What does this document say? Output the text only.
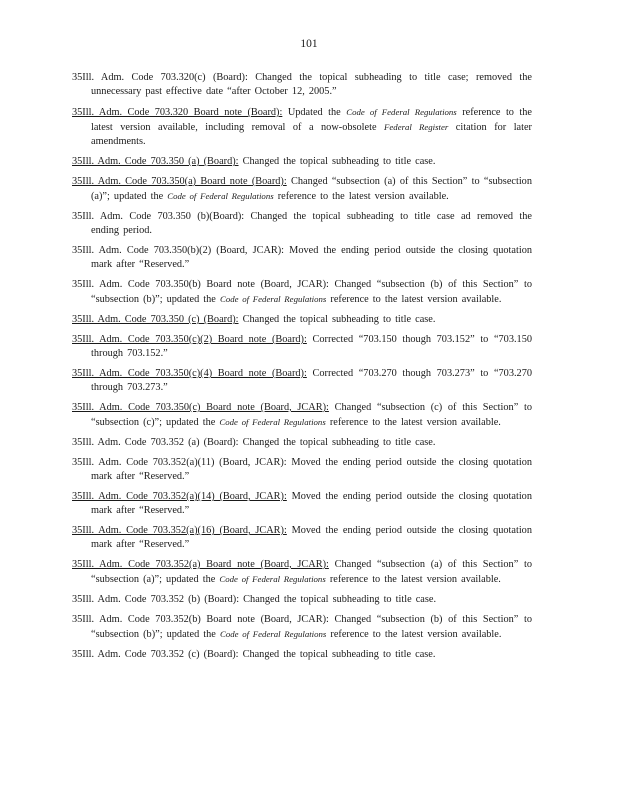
101
35Ill. Adm. Code 703.320(c) (Board): Changed the topical subheading to title case; removed the unnecessary past effective date “after October 12, 2005.”
35Ill. Adm. Code 703.320 Board note (Board): Updated the Code of Federal Regulations reference to the latest version available, including removal of a now-obsolete Federal Register citation for later amendments.
35Ill. Adm. Code 703.350 (a) (Board): Changed the topical subheading to title case.
35Ill. Adm. Code 703.350(a) Board note (Board): Changed “subsection (a) of this Section” to “subsection (a)”; updated the Code of Federal Regulations reference to the latest version available.
35Ill. Adm. Code 703.350 (b)(Board): Changed the topical subheading to title case ad removed the ending period.
35Ill. Adm. Code 703.350(b)(2) (Board, JCAR): Moved the ending period outside the closing quotation mark after “Reserved.”
35Ill. Adm. Code 703.350(b) Board note (Board, JCAR): Changed “subsection (b) of this Section” to “subsection (b)”; updated the Code of Federal Regulations reference to the latest version available.
35Ill. Adm. Code 703.350 (c) (Board): Changed the topical subheading to title case.
35Ill. Adm. Code 703.350(c)(2) Board note (Board): Corrected “703.150 though 703.152” to “703.150 through 703.152.”
35Ill. Adm. Code 703.350(c)(4) Board note (Board): Corrected “703.270 though 703.273” to “703.270 through 703.273.”
35Ill. Adm. Code 703.350(c) Board note (Board, JCAR): Changed “subsection (c) of this Section” to “subsection (c)”; updated the Code of Federal Regulations reference to the latest version available.
35Ill. Adm. Code 703.352 (a) (Board): Changed the topical subheading to title case.
35Ill. Adm. Code 703.352(a)(11) (Board, JCAR): Moved the ending period outside the closing quotation mark after “Reserved.”
35Ill. Adm. Code 703.352(a)(14) (Board, JCAR): Moved the ending period outside the closing quotation mark after “Reserved.”
35Ill. Adm. Code 703.352(a)(16) (Board, JCAR): Moved the ending period outside the closing quotation mark after “Reserved.”
35Ill. Adm. Code 703.352(a) Board note (Board, JCAR): Changed “subsection (a) of this Section” to “subsection (a)”; updated the Code of Federal Regulations reference to the latest version available.
35Ill. Adm. Code 703.352 (b) (Board): Changed the topical subheading to title case.
35Ill. Adm. Code 703.352(b) Board note (Board, JCAR): Changed “subsection (b) of this Section” to “subsection (b)”; updated the Code of Federal Regulations reference to the latest version available.
35Ill. Adm. Code 703.352 (c) (Board): Changed the topical subheading to title case.
